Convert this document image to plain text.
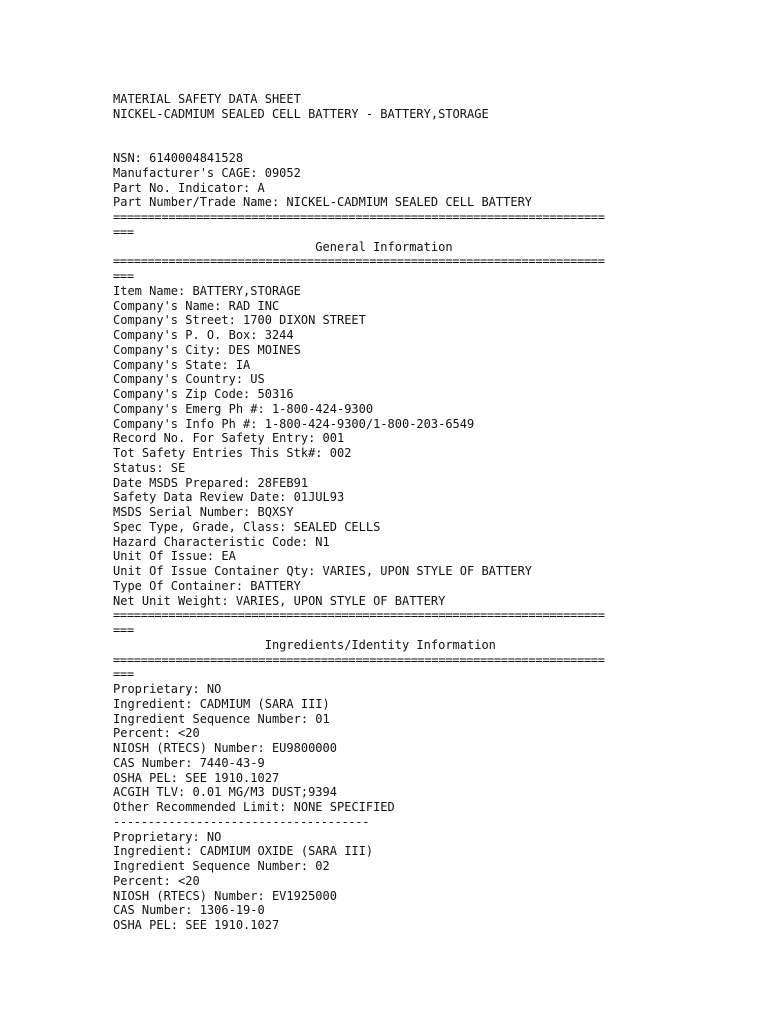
MATERIAL SAFETY DATA SHEET
NICKEL-CADMIUM SEALED CELL BATTERY - BATTERY,STORAGE
NSN: 6140004841528
Manufacturer's CAGE: 09052
Part No. Indicator: A
Part Number/Trade Name: NICKEL-CADMIUM SEALED CELL BATTERY
=======================================================================
===
General Information
=======================================================================
===
Item Name: BATTERY,STORAGE
Company's Name: RAD INC
Company's Street: 1700 DIXON STREET
Company's P. O. Box: 3244
Company's City: DES MOINES
Company's State: IA
Company's Country: US
Company's Zip Code: 50316
Company's Emerg Ph #: 1-800-424-9300
Company's Info Ph #: 1-800-424-9300/1-800-203-6549
Record No. For Safety Entry: 001
Tot Safety Entries This Stk#: 002
Status: SE
Date MSDS Prepared: 28FEB91
Safety Data Review Date: 01JUL93
MSDS Serial Number: BQXSY
Spec Type, Grade, Class: SEALED CELLS
Hazard Characteristic Code: N1
Unit Of Issue: EA
Unit Of Issue Container Qty: VARIES, UPON STYLE OF BATTERY
Type Of Container: BATTERY
Net Unit Weight: VARIES, UPON STYLE OF BATTERY
=======================================================================
===
Ingredients/Identity Information
=======================================================================
===
Proprietary: NO
Ingredient: CADMIUM (SARA III)
Ingredient Sequence Number: 01
Percent: <20
NIOSH (RTECS) Number: EU9800000
CAS Number: 7440-43-9
OSHA PEL: SEE 1910.1027
ACGIH TLV: 0.01 MG/M3 DUST;9394
Other Recommended Limit: NONE SPECIFIED
-------------------------------------
Proprietary: NO
Ingredient: CADMIUM OXIDE (SARA III)
Ingredient Sequence Number: 02
Percent: <20
NIOSH (RTECS) Number: EV1925000
CAS Number: 1306-19-0
OSHA PEL: SEE 1910.1027
